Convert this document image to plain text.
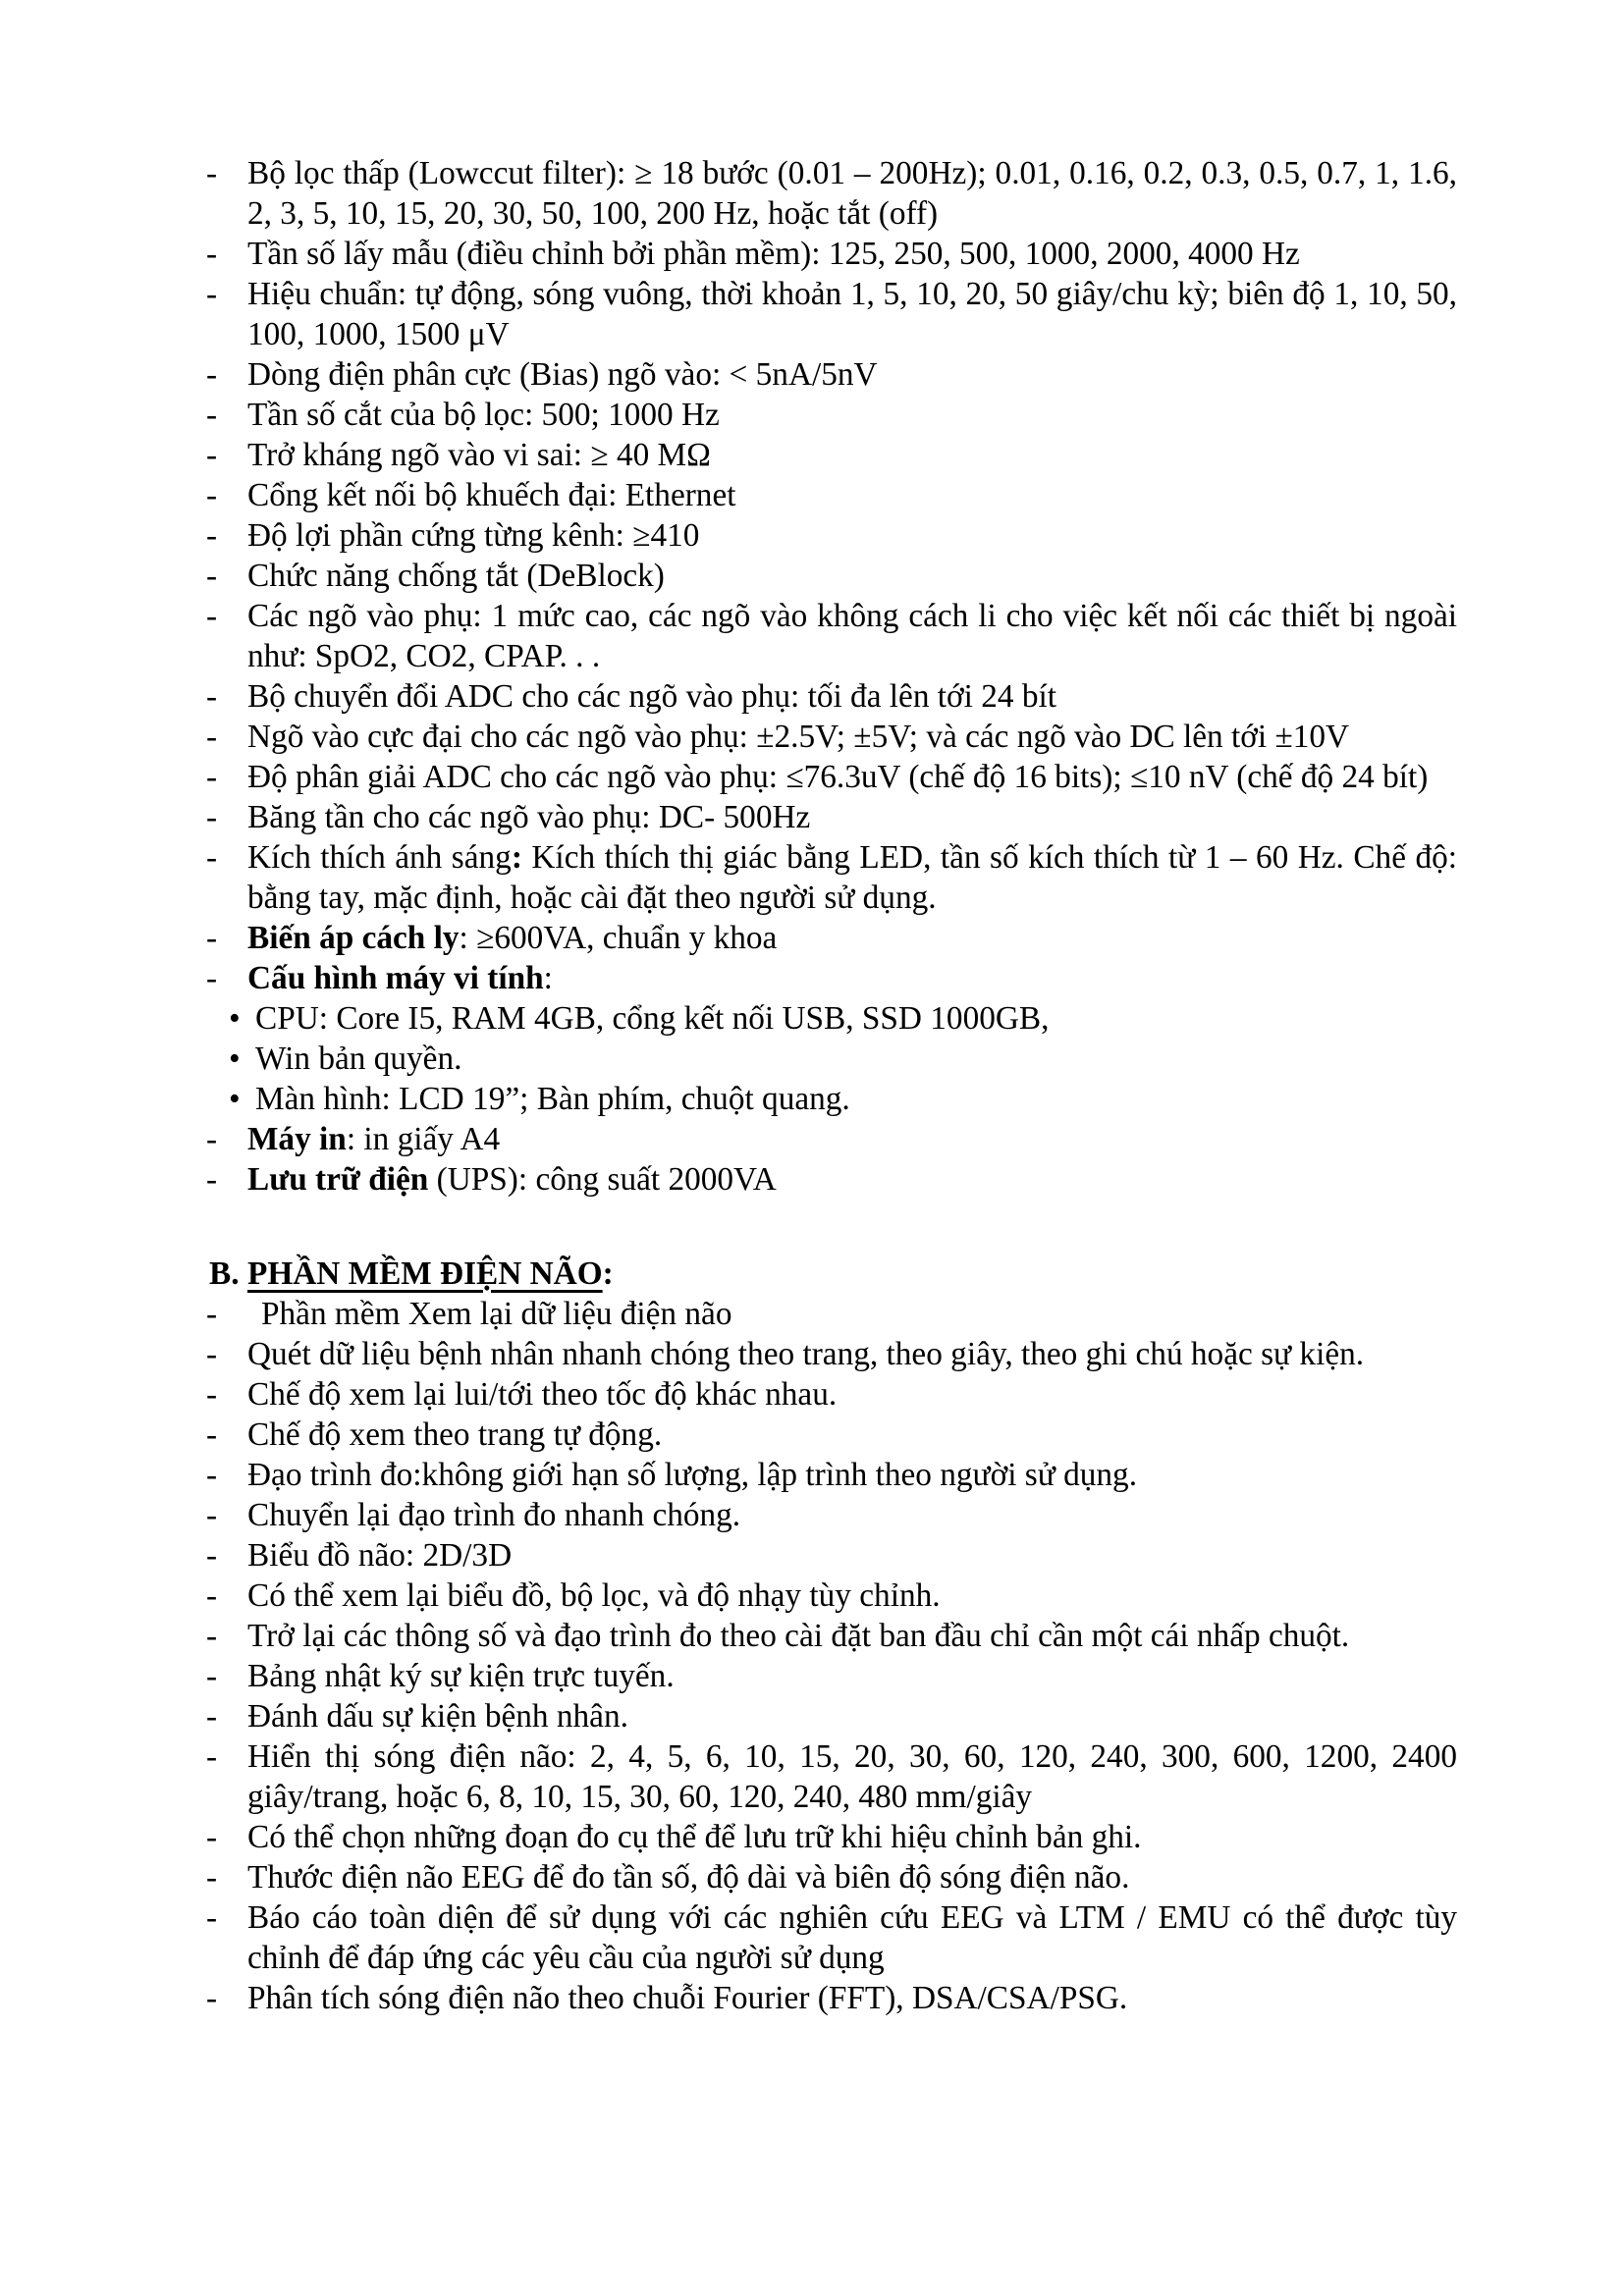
- Bộ lọc thấp (Lowccut filter): ≥ 18 bước (0.01 – 200Hz); 0.01, 0.16, 0.2, 0.3, 0.5, 0.7, 1, 1.6, 2, 3, 5, 10, 15, 20, 30, 50, 100, 200 Hz, hoặc tắt (off)
- Tần số lấy mẫu (điều chỉnh bởi phần mềm): 125, 250, 500, 1000, 2000, 4000 Hz
- Hiệu chuẩn: tự động, sóng vuông, thời khoản 1, 5, 10, 20, 50 giây/chu kỳ; biên độ 1, 10, 50, 100, 1000, 1500 μV
- Dòng điện phân cực (Bias) ngõ vào: < 5nA/5nV
- Tần số cắt của bộ lọc: 500; 1000 Hz
- Trở kháng ngõ vào vi sai: ≥ 40 MΩ
- Cổng kết nối bộ khuếch đại: Ethernet
- Độ lợi phần cứng từng kênh: ≥410
- Chức năng chống tắt (DeBlock)
- Các ngõ vào phụ: 1 mức cao, các ngõ vào không cách li cho việc kết nối các thiết bị ngoài như: SpO2, CO2, CPAP. . .
- Bộ chuyển đổi ADC cho các ngõ vào phụ: tối đa lên tới 24 bít
- Ngõ vào cực đại cho các ngõ vào phụ: ±2.5V; ±5V; và các ngõ vào DC lên tới ±10V
- Độ phân giải ADC cho các ngõ vào phụ: ≤76.3uV (chế độ 16 bits); ≤10 nV (chế độ 24 bít)
- Băng tần cho các ngõ vào phụ: DC- 500Hz
- Kích thích ánh sáng: Kích thích thị giác bằng LED, tần số kích thích từ 1 – 60 Hz. Chế độ: bằng tay, mặc định, hoặc cài đặt theo người sử dụng.
- Biến áp cách ly: ≥600VA, chuẩn y khoa
- Cấu hình máy vi tính:
• CPU: Core I5, RAM 4GB, cổng kết nối USB, SSD 1000GB,
• Win bản quyền.
• Màn hình: LCD 19”; Bàn phím, chuột quang.
- Máy in: in giấy A4
- Lưu trữ điện (UPS): công suất 2000VA
B. PHẦN MỀM ĐIỆN NÃO:
- Phần mềm Xem lại dữ liệu điện não
- Quét dữ liệu bệnh nhân nhanh chóng theo trang, theo giây, theo ghi chú hoặc sự kiện.
- Chế độ xem lại lui/tới theo tốc độ khác nhau.
- Chế độ xem theo trang tự động.
- Đạo trình đo:không giới hạn số lượng, lập trình theo người sử dụng.
- Chuyển lại đạo trình đo nhanh chóng.
- Biểu đồ não: 2D/3D
- Có thể xem lại biểu đồ, bộ lọc, và độ nhạy tùy chỉnh.
- Trở lại các thông số và đạo trình đo theo cài đặt ban đầu chỉ cần một cái nhấp chuột.
- Bảng nhật ký sự kiện trực tuyến.
- Đánh dấu sự kiện bệnh nhân.
- Hiển thị sóng điện não: 2, 4, 5, 6, 10, 15, 20, 30, 60, 120, 240, 300, 600, 1200, 2400 giây/trang, hoặc 6, 8, 10, 15, 30, 60, 120, 240, 480 mm/giây
- Có thể chọn những đoạn đo cụ thể để lưu trữ khi hiệu chỉnh bản ghi.
- Thước điện não EEG để đo tần số, độ dài và biên độ sóng điện não.
- Báo cáo toàn diện để sử dụng với các nghiên cứu EEG và LTM / EMU có thể được tùy chỉnh để đáp ứng các yêu cầu của người sử dụng
- Phân tích sóng điện não theo chuỗi Fourier (FFT), DSA/CSA/PSG.
